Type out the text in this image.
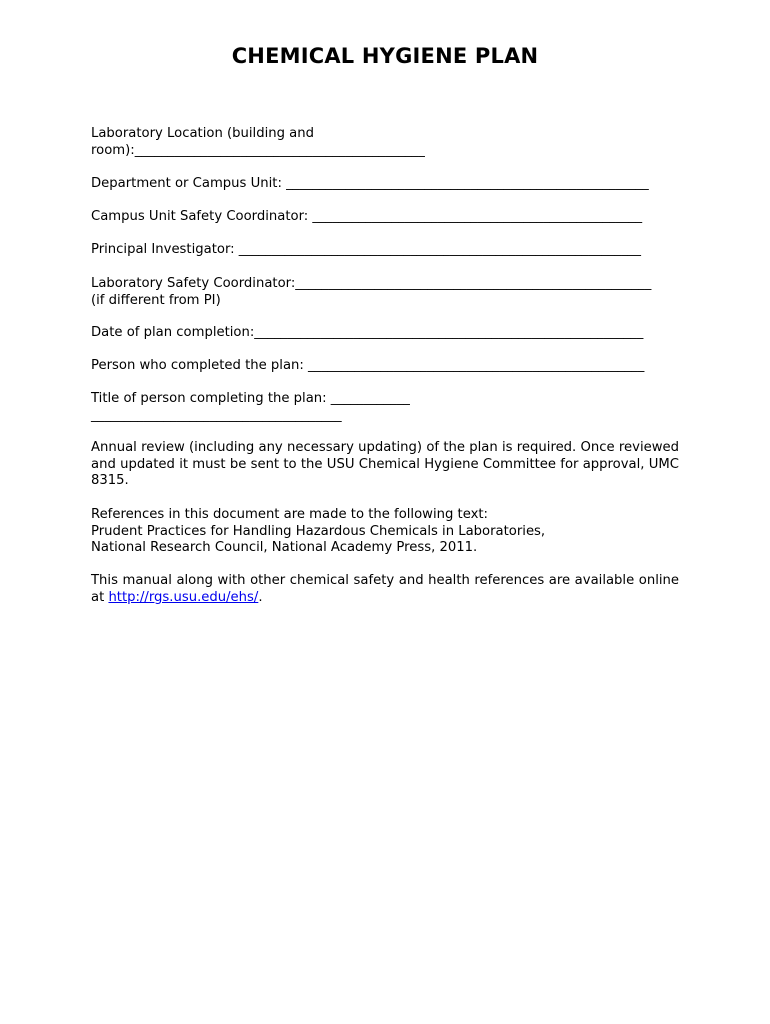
CHEMICAL HYGIENE PLAN
Laboratory Location (building and
room):____________________________________________
Department or Campus Unit: _______________________________________________________
Campus Unit Safety Coordinator: __________________________________________________
Principal Investigator: _____________________________________________________________
Laboratory Safety Coordinator:______________________________________________________
(if different from PI)
Date of plan completion:___________________________________________________________
Person who completed the plan: ___________________________________________________
Title of person completing the plan: ____________
______________________________________
Annual review (including any necessary updating) of the plan is required. Once reviewed and updated it must be sent to the USU Chemical Hygiene Committee for approval, UMC 8315.
References in this document are made to the following text:
Prudent Practices for Handling Hazardous Chemicals in Laboratories,
National Research Council, National Academy Press, 2011.
This manual along with other chemical safety and health references are available online at http://rgs.usu.edu/ehs/.
